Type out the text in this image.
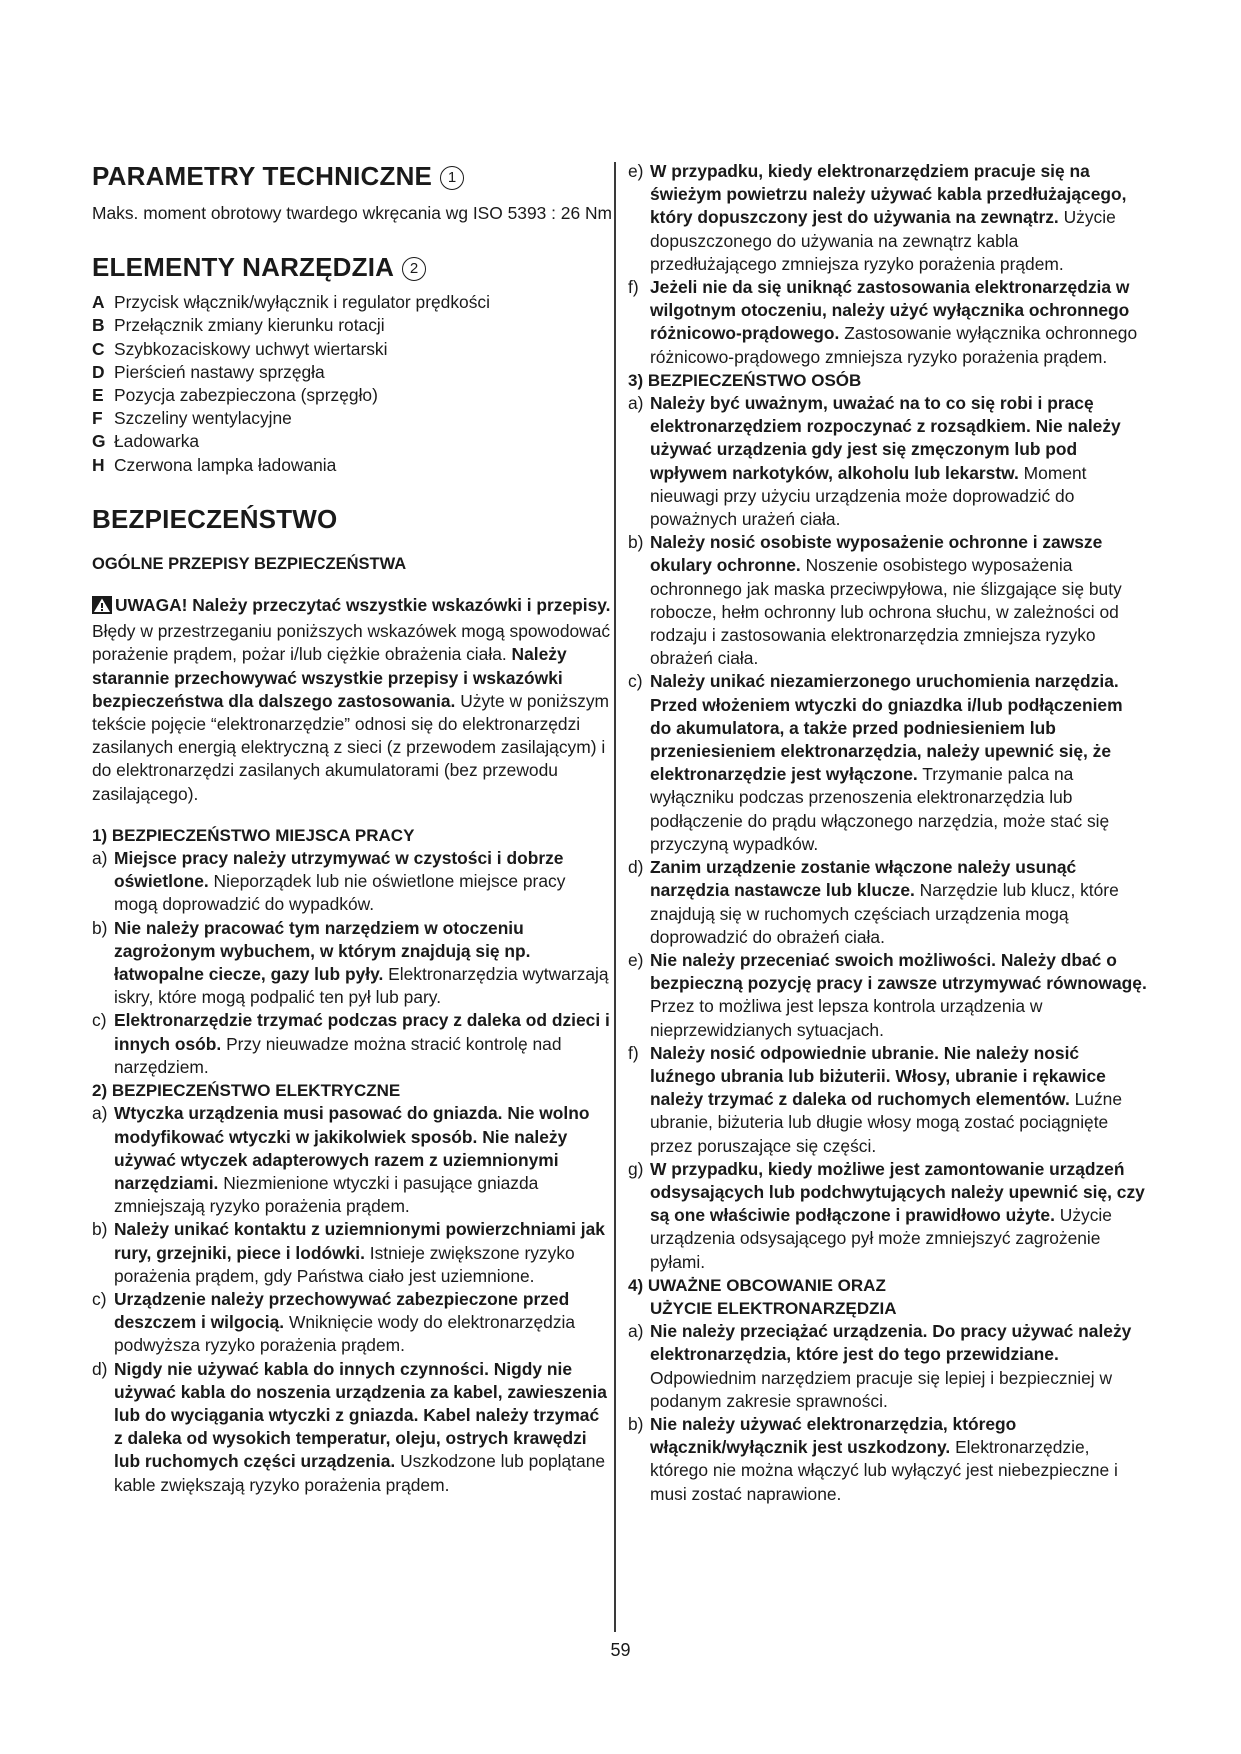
PARAMETRY TECHNICZNE 1

Maks. moment obrotowy twardego wkręcania wg ISO 5393 : 26 Nm

ELEMENTY NARZĘDZIA 2
A Przycisk włącznik/wyłącznik i regulator prędkości
B Przełącznik zmiany kierunku rotacji
C Szybkozaciskowy uchwyt wiertarski
D Pierścień nastawy sprzęgła
E Pozycja zabezpieczona (sprzęgło)
F Szczeliny wentylacyjne
G Ładowarka
H Czerwona lampka ładowania
BEZPIECZEŃSTWO

OGÓLNE PRZEPISY BEZPIECZEŃSTWA

UWAGA! Należy przeczytać wszystkie wskazówki i przepisy. Błędy w przestrzeganiu poniższych wskazówek mogą spowodować porażenie prądem, pożar i/lub ciężkie obrażenia ciała. Należy starannie przechowywać wszystkie przepisy i wskazówki bezpieczeństwa dla dalszego zastosowania. Użyte w poniższym tekście pojęcie “elektronarzędzie” odnosi się do elektronarzędzi zasilanych energią elektryczną z sieci (z przewodem zasilającym) i do elektronarzędzi zasilanych akumulatorami (bez przewodu zasilającego).

1) BEZPIECZEŃSTWO MIEJSCA PRACY

a) Miejsce pracy należy utrzymywać w czystości i dobrze oświetlone. Nieporządek lub nie oświetlone miejsce pracy mogą doprowadzić do wypadków.
b) Nie należy pracować tym narzędziem w otoczeniu zagrożonym wybuchem, w którym znajdują się np. łatwopalne ciecze, gazy lub pyły. Elektronarzędzia wytwarzają iskry, które mogą podpalić ten pył lub pary.
c) Elektronarzędzie trzymać podczas pracy z daleka od dzieci i innych osób. Przy nieuwadze można stracić kontrolę nad narzędziem.

2) BEZPIECZEŃSTWO ELEKTRYCZNE

a) Wtyczka urządzenia musi pasować do gniazda. Nie wolno modyfikować wtyczki w jakikolwiek sposób. Nie należy używać wtyczek adapterowych razem z uziemnionymi narzędziami. Niezmienione wtyczki i pasujące gniazda zmniejszają ryzyko porażenia prądem.
b) Należy unikać kontaktu z uziemnionymi powierzchniami jak rury, grzejniki, piece i lodówki. Istnieje zwiększone ryzyko porażenia prądem, gdy Państwa ciało jest uziemnione.
c) Urządzenie należy przechowywać zabezpieczone przed deszczem i wilgocią. Wniknięcie wody do elektronarzędzia podwyższa ryzyko porażenia prądem.
d) Nigdy nie używać kabla do innych czynności. Nigdy nie używać kabla do noszenia urządzenia za kabel, zawieszenia lub do wyciągania wtyczki z gniazda. Kabel należy trzymać z daleka od wysokich temperatur, oleju, ostrych krawędzi lub ruchomych części urządzenia. Uszkodzone lub poplątane kable zwiększają ryzyko porażenia prądem.
e) W przypadku, kiedy elektronarzędziem pracuje się na świeżym powietrzu należy używać kabla przedłużającego, który dopuszczony jest do używania na zewnątrz. Użycie dopuszczonego do używania na zewnątrz kabla przedłużającego zmniejsza ryzyko porażenia prądem.
f) Jeżeli nie da się uniknąć zastosowania elektronarzędzia w wilgotnym otoczeniu, należy użyć wyłącznika ochronnego różnicowo-prądowego. Zastosowanie wyłącznika ochronnego różnicowo-prądowego zmniejsza ryzyko porażenia prądem.

3) BEZPIECZEŃSTWO OSÓB

a) Należy być uważnym, uważać na to co się robi i pracę elektronarzędziem rozpoczynać z rozsądkiem. Nie należy używać urządzenia gdy jest się zmęczonym lub pod wpływem narkotyków, alkoholu lub lekarstw. Moment nieuwagi przy użyciu urządzenia może doprowadzić do poważnych urażeń ciała.
b) Należy nosić osobiste wyposażenie ochronne i zawsze okulary ochronne. Noszenie osobistego wyposażenia ochronnego jak maska przeciwpyłowa, nie ślizgające się buty robocze, hełm ochronny lub ochrona słuchu, w zależności od rodzaju i zastosowania elektronarzędzia zmniejsza ryzyko obrażeń ciała.
c) Należy unikać niezamierzonego uruchomienia narzędzia. Przed włożeniem wtyczki do gniazdka i/lub podłączeniem do akumulatora, a także przed podniesieniem lub przeniesieniem elektronarzędzia, należy upewnić się, że elektronarzędzie jest wyłączone. Trzymanie palca na wyłączniku podczas przenoszenia elektronarzędzia lub podłączenie do prądu włączonego narzędzia, może stać się przyczyną wypadków.
d) Zanim urządzenie zostanie włączone należy usunąć narzędzia nastawcze lub klucze. Narzędzie lub klucz, które znajdują się w ruchomych częściach urządzenia mogą doprowadzić do obrażeń ciała.
e) Nie należy przeceniać swoich możliwości. Należy dbać o bezpieczną pozycję pracy i zawsze utrzymywać równowagę. Przez to możliwa jest lepsza kontrola urządzenia w nieprzewidzianych sytuacjach.
f) Należy nosić odpowiednie ubranie. Nie należy nosić luźnego ubrania lub biżuterii. Włosy, ubranie i rękawice należy trzymać z daleka od ruchomych elementów. Luźne ubranie, biżuteria lub długie włosy mogą zostać pociągnięte przez poruszające się części.
g) W przypadku, kiedy możliwe jest zamontowanie urządzeń odsysających lub podchwytujących należy upewnić się, czy są one właściwie podłączone i prawidłowo użyte. Użycie urządzenia odsysającego pył może zmniejszyć zagrożenie pyłami.

4) UWAŻNE OBCOWANIE ORAZ
UŻYCIE ELEKTRONARZĘDZIA

a) Nie należy przeciążać urządzenia. Do pracy używać należy elektronarzędzia, które jest do tego przewidziane. Odpowiednim narzędziem pracuje się lepiej i bezpieczniej w podanym zakresie sprawności.
b) Nie należy używać elektronarzędzia, którego włącznik/wyłącznik jest uszkodzony. Elektronarzędzie, którego nie można włączyć lub wyłączyć jest niebezpieczne i musi zostać naprawione.
59
